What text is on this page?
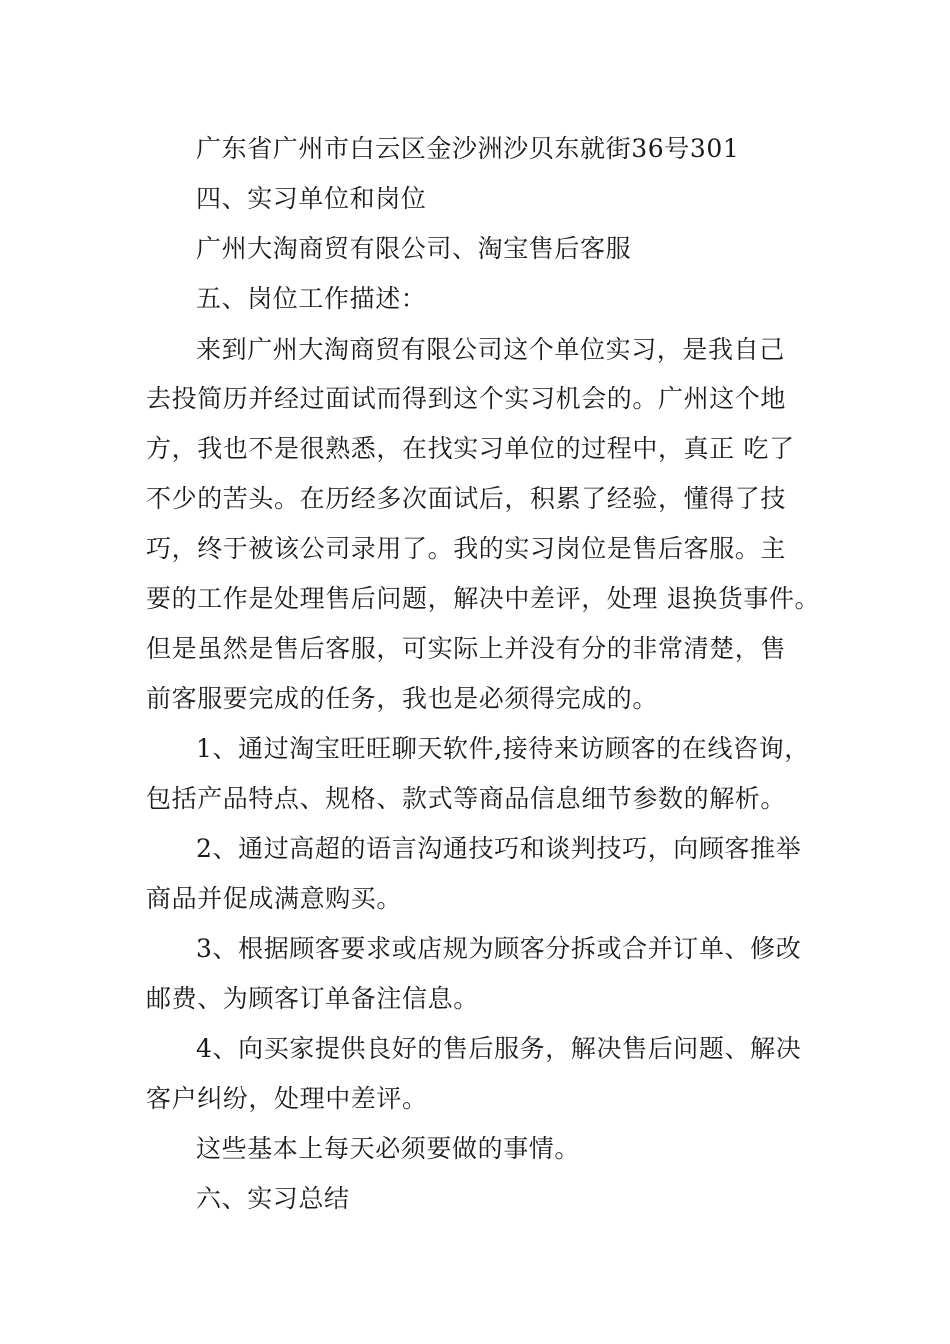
广东省广州市白云区金沙洲沙贝东就街36号301
四、实习单位和岗位
广州大淘商贸有限公司、淘宝售后客服
五、岗位工作描述：
来到广州大淘商贸有限公司这个单位实习，是我自己
去投简历并经过面试而得到这个实习机会的。广州这个地
方，我也不是很熟悉，在找实习单位的过程中，真正 吃了
不少的苦头。在历经多次面试后，积累了经验，懂得了技
巧，终于被该公司录用了。我的实习岗位是售后客服。主
要的工作是处理售后问题，解决中差评，处理 退换货事件。
但是虽然是售后客服，可实际上并没有分的非常清楚，售
前客服要完成的任务，我也是必须得完成的。
1、通过淘宝旺旺聊天软件,接待来访顾客的在线咨询，
包括产品特点、规格、款式等商品信息细节参数的解析。
2、通过高超的语言沟通技巧和谈判技巧，向顾客推举
商品并促成满意购买。
3、根据顾客要求或店规为顾客分拆或合并订单、修改
邮费、为顾客订单备注信息。
4、向买家提供良好的售后服务，解决售后问题、解决
客户纠纷，处理中差评。
这些基本上每天必须要做的事情。
六、实习总结
